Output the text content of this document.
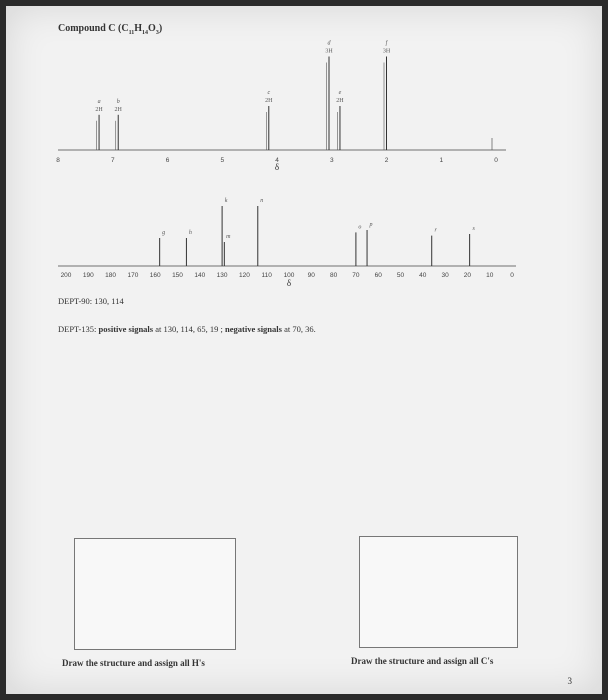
Compound C $(C_{11}H_{14}O_3)$
8	7	6	5	4	3	2	1	0
δ
a
2H
b
2H
c
2H
d
3H
e
2H
f
3H
200 190 180 170 160 150 140 130 120 110 100 90 80 70 60 50 40 30 20 10	0
δ
g	h
k
m
n
o p
r	s
DEPT-90: 130, 114
DEPT-135: positive signals at 130, 114, 65, 19 ; negative signals at 70, 36.
Draw the structure and assign all H's	Draw the structure and assign all C's
3
